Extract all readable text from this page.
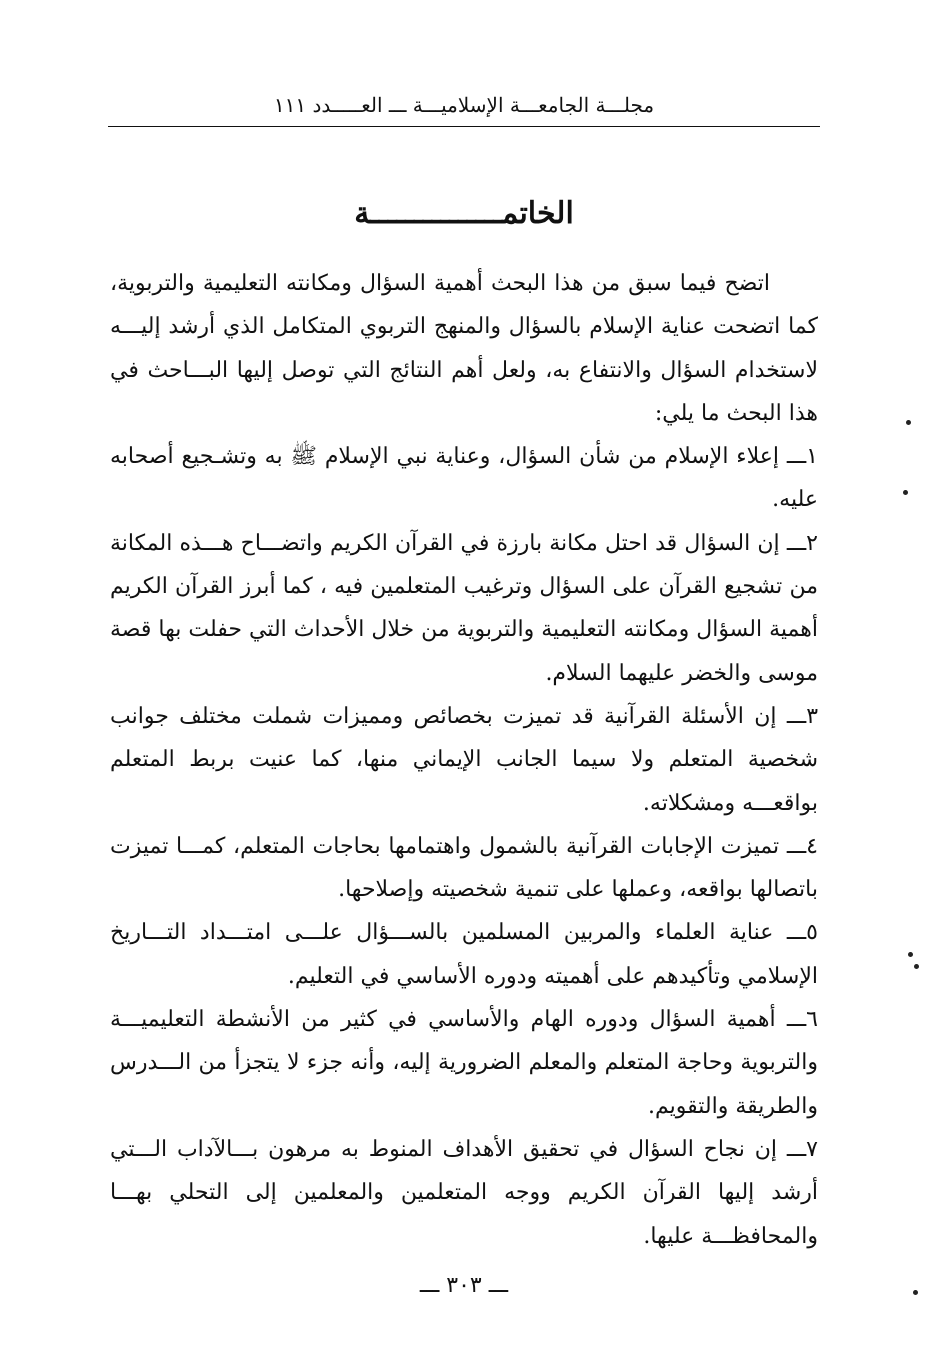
مجلـــة الجامعـــة الإسلاميـــة ـــ العـــــدد ١١١
الخاتمـــــــــــــــة

اتضح فيما سبق من هذا البحث أهمية السؤال ومكانته التعليمية والتربوية، كما اتضحت عناية الإسلام بالسؤال والمنهج التربوي المتكامل الذي أرشد إليـــه لاستخدام السؤال والانتفاع به، ولعل أهم النتائج التي توصل إليها البـــاحث في هذا البحث ما يلي:

١ـــ إعلاء الإسلام من شأن السؤال، وعناية نبي الإسلام ﷺ به وتشـجيع أصحابه عليه.

٢ـــ إن السؤال قد احتل مكانة بارزة في القرآن الكريم واتضـــاح هـــذه المكانة من تشجيع القرآن على السؤال وترغيب المتعلمين فيه ، كما أبرز القرآن الكريم أهمية السؤال ومكانته التعليمية والتربوية من خلال الأحداث التي حفلت بها قصة موسى والخضر عليهما السلام.

٣ـــ إن الأسئلة القرآنية قد تميزت بخصائص ومميزات شملت مختلف جوانب شخصية المتعلم ولا سيما الجانب الإيماني منها، كما عنيت بربط المتعلم بواقعـــه ومشكلاته.

٤ـــ تميزت الإجابات القرآنية بالشمول واهتمامها بحاجات المتعلم، كمـــا تميزت باتصالها بواقعه، وعملها على تنمية شخصيته وإصلاحها.

٥ـــ عناية العلماء والمربين المسلمين بالســـؤال علـــى امتـــداد التـــاريخ الإسلامي وتأكيدهم على أهميته ودوره الأساسي في التعليم.

٦ـــ أهمية السؤال ودوره الهام والأساسي في كثير من الأنشطة التعليميـــة والتربوية وحاجة المتعلم والمعلم الضرورية إليه، وأنه جزء لا يتجزأ من الـــدرس والطريقة والتقويم.

٧ـــ إن نجاح السؤال في تحقيق الأهداف المنوط به مرهون بـــالآداب الـــتي أرشد إليها القرآن الكريم ووجه المتعلمين والمعلمين إلى التحلي بهـــا والمحافظـــة عليها.

ـــ ٣٠٣ ـــ
